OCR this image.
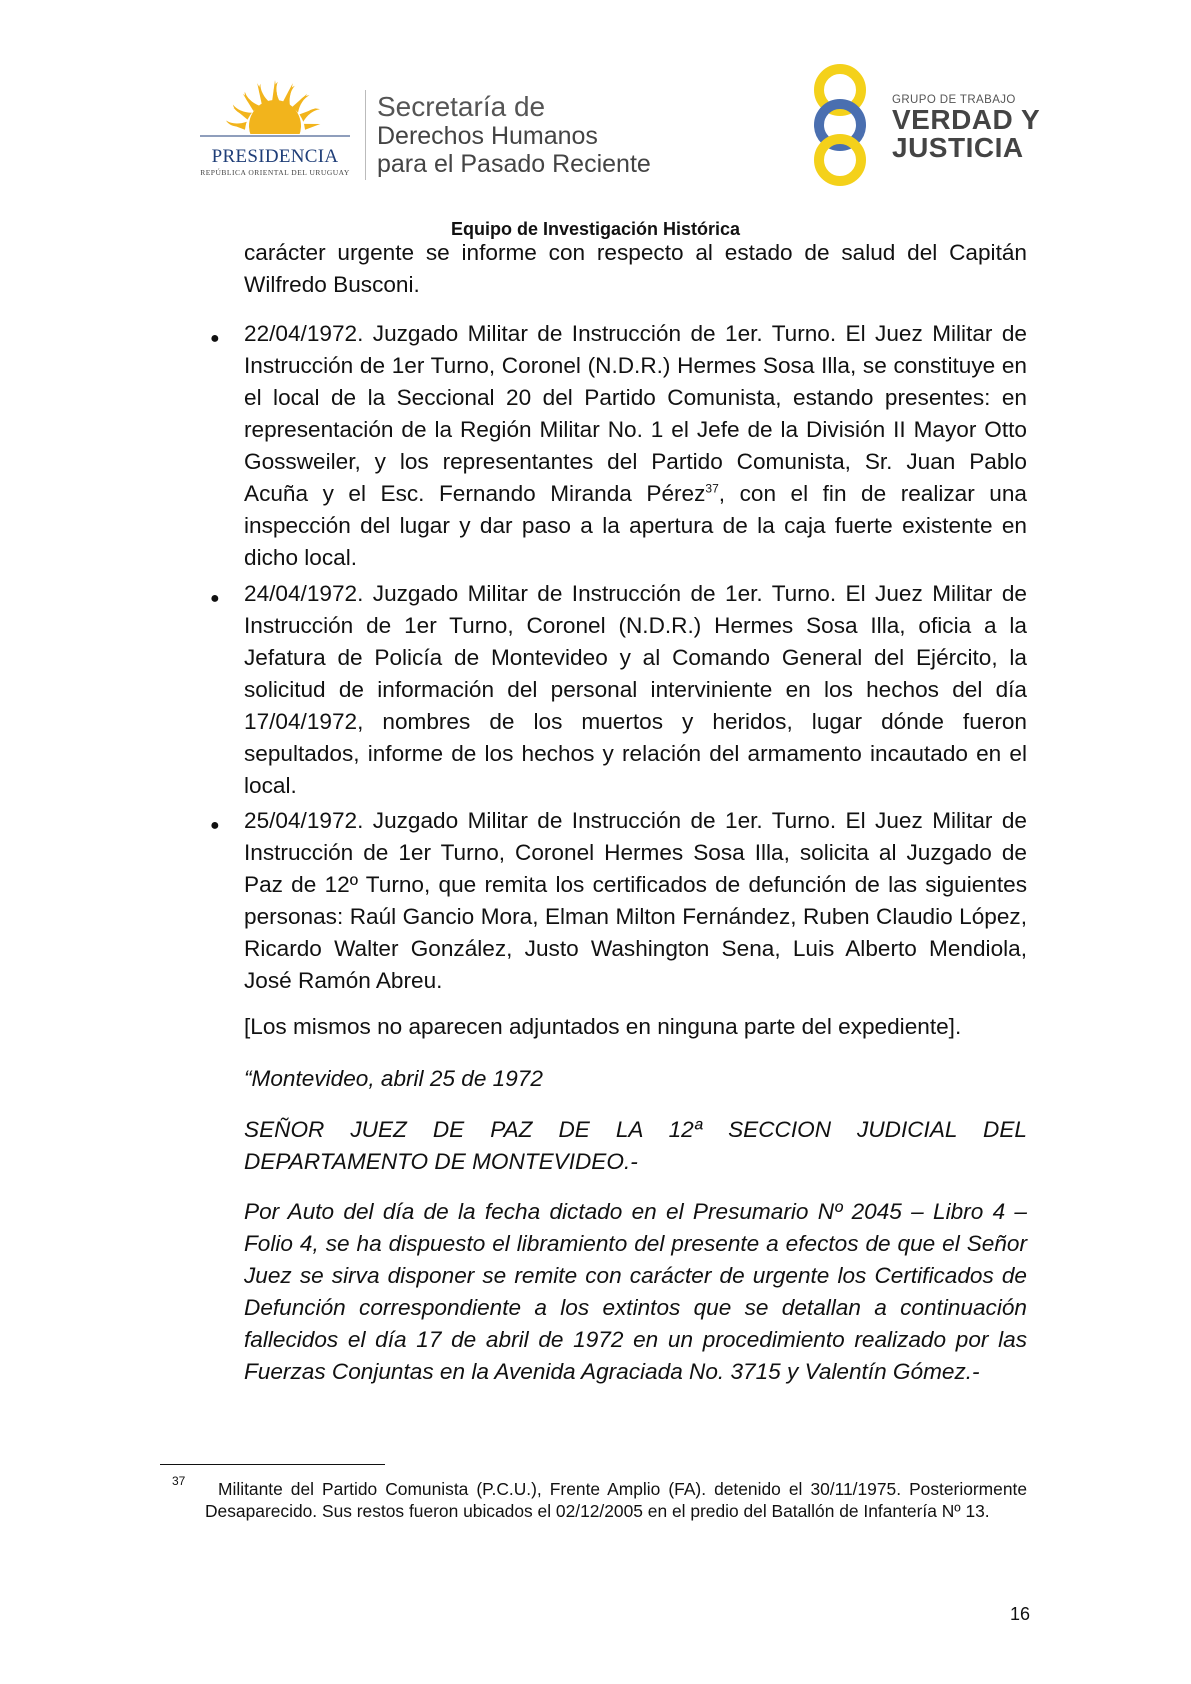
PRESIDENCIA
REPÚBLICA ORIENTAL DEL URUGUAY
Secretaría de
Derechos Humanos
para el Pasado Reciente
GRUPO DE TRABAJO
VERDAD Y
JUSTICIA
Equipo de Investigación Histórica

carácter urgente se informe con respecto al estado de salud del Capitán Wilfredo Busconi.

● 22/04/1972. Juzgado Militar de Instrucción de 1er. Turno. El Juez Militar de Instrucción de 1er Turno, Coronel (N.D.R.) Hermes Sosa Illa, se constituye en el local de la Seccional 20 del Partido Comunista, estando presentes: en representación de la Región Militar No. 1 el Jefe de la División II Mayor Otto Gossweiler, y los representantes del Partido Comunista, Sr. Juan Pablo Acuña y el Esc. Fernando Miranda Pérez$^{37}$, con el fin de realizar una inspección del lugar y dar paso a la apertura de la caja fuerte existente en dicho local.

● 24/04/1972. Juzgado Militar de Instrucción de 1er. Turno. El Juez Militar de Instrucción de 1er Turno, Coronel (N.D.R.) Hermes Sosa Illa, oficia a la Jefatura de Policía de Montevideo y al Comando General del Ejército, la solicitud de información del personal interviniente en los hechos del día 17/04/1972, nombres de los muertos y heridos, lugar dónde fueron sepultados, informe de los hechos y relación del armamento incautado en el local.

● 25/04/1972. Juzgado Militar de Instrucción de 1er. Turno. El Juez Militar de Instrucción de 1er Turno, Coronel Hermes Sosa Illa, solicita al Juzgado de Paz de 12º Turno, que remita los certificados de defunción de las siguientes personas: Raúl Gancio Mora, Elman Milton Fernández, Ruben Claudio López, Ricardo Walter González, Justo Washington Sena, Luis Alberto Mendiola, José Ramón Abreu.

[Los mismos no aparecen adjuntados en ninguna parte del expediente].

“Montevideo, abril 25 de 1972

SEÑOR JUEZ DE PAZ DE LA 12ª SECCION JUDICIAL DEL DEPARTAMENTO DE MONTEVIDEO.-

Por Auto del día de la fecha dictado en el Presumario Nº 2045 – Libro 4 – Folio 4, se ha dispuesto el libramiento del presente a efectos de que el Señor Juez se sirva disponer se remite con carácter de urgente los Certificados de Defunción correspondiente a los extintos que se detallan a continuación fallecidos el día 17 de abril de 1972 en un procedimiento realizado por las Fuerzas Conjuntas en la Avenida Agraciada No. 3715 y Valentín Gómez.-

37	Militante del Partido Comunista (P.C.U.), Frente Amplio (FA). detenido el 30/11/1975. Posteriormente Desaparecido. Sus restos fueron ubicados el 02/12/2005 en el predio del Batallón de Infantería Nº 13.
16
